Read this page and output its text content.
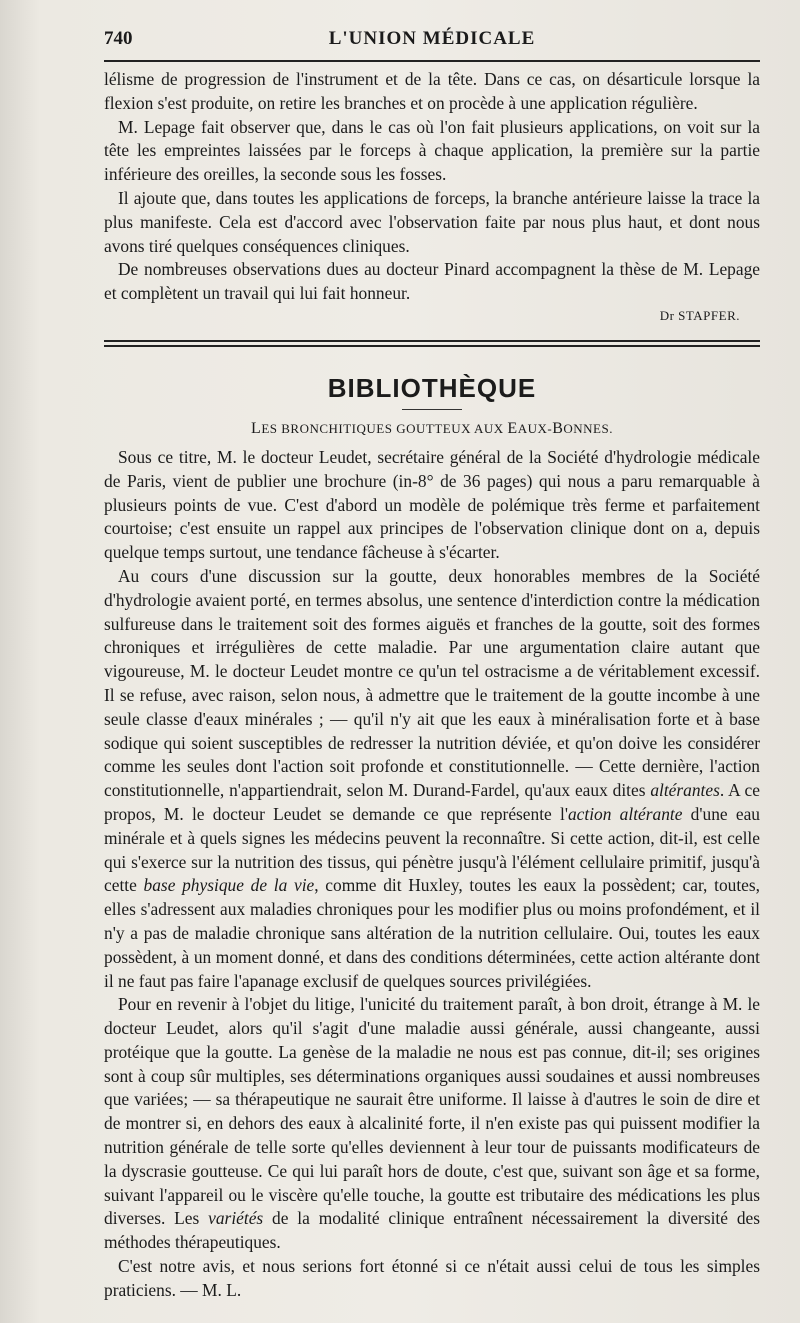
740	L'UNION MÉDICALE

lélisme de progression de l'instrument et de la tête. Dans ce cas, on désarticule lorsque la flexion s'est produite, on retire les branches et on procède à une application régulière.

M. Lepage fait observer que, dans le cas où l'on fait plusieurs applications, on voit sur la tête les empreintes laissées par le forceps à chaque application, la première sur la partie inférieure des oreilles, la seconde sous les fosses.

Il ajoute que, dans toutes les applications de forceps, la branche antérieure laisse la trace la plus manifeste. Cela est d'accord avec l'observation faite par nous plus haut, et dont nous avons tiré quelques conséquences cliniques.

De nombreuses observations dues au docteur Pinard accompagnent la thèse de M. Lepage et complètent un travail qui lui fait honneur.

Dr STAPFER.
BIBLIOTHÈQUE
LES BRONCHITIQUES GOUTTEUX AUX EAUX-BONNES.

Sous ce titre, M. le docteur Leudet, secrétaire général de la Société d'hydrologie médicale de Paris, vient de publier une brochure (in-8° de 36 pages) qui nous a paru remarquable à plusieurs points de vue. C'est d'abord un modèle de polémique très ferme et parfaitement courtoise; c'est ensuite un rappel aux principes de l'observation clinique dont on a, depuis quelque temps surtout, une tendance fâcheuse à s'écarter.

Au cours d'une discussion sur la goutte, deux honorables membres de la Société d'hydrologie avaient porté, en termes absolus, une sentence d'interdiction contre la médication sulfureuse dans le traitement soit des formes aiguës et franches de la goutte, soit des formes chroniques et irrégulières de cette maladie. Par une argumentation claire autant que vigoureuse, M. le docteur Leudet montre ce qu'un tel ostracisme a de véritablement excessif. Il se refuse, avec raison, selon nous, à admettre que le traitement de la goutte incombe à une seule classe d'eaux minérales ; — qu'il n'y ait que les eaux à minéralisation forte et à base sodique qui soient susceptibles de redresser la nutrition déviée, et qu'on doive les considérer comme les seules dont l'action soit profonde et constitutionnelle. — Cette dernière, l'action constitutionnelle, n'appartiendrait, selon M. Durand-Fardel, qu'aux eaux dites altérantes. A ce propos, M. le docteur Leudet se demande ce que représente l'action altérante d'une eau minérale et à quels signes les médecins peuvent la reconnaître. Si cette action, dit-il, est celle qui s'exerce sur la nutrition des tissus, qui pénètre jusqu'à l'élément cellulaire primitif, jusqu'à cette base physique de la vie, comme dit Huxley, toutes les eaux la possèdent; car, toutes, elles s'adressent aux maladies chroniques pour les modifier plus ou moins profondément, et il n'y a pas de maladie chronique sans altération de la nutrition cellulaire. Oui, toutes les eaux possèdent, à un moment donné, et dans des conditions déterminées, cette action altérante dont il ne faut pas faire l'apanage exclusif de quelques sources privilégiées.

Pour en revenir à l'objet du litige, l'unicité du traitement paraît, à bon droit, étrange à M. le docteur Leudet, alors qu'il s'agit d'une maladie aussi générale, aussi changeante, aussi protéique que la goutte. La genèse de la maladie ne nous est pas connue, dit-il; ses origines sont à coup sûr multiples, ses déterminations organiques aussi soudaines et aussi nombreuses que variées; — sa thérapeutique ne saurait être uniforme. Il laisse à d'autres le soin de dire et de montrer si, en dehors des eaux à alcalinité forte, il n'en existe pas qui puissent modifier la nutrition générale de telle sorte qu'elles deviennent à leur tour de puissants modificateurs de la dyscrasie goutteuse. Ce qui lui paraît hors de doute, c'est que, suivant son âge et sa forme, suivant l'appareil ou le viscère qu'elle touche, la goutte est tributaire des médications les plus diverses. Les variétés de la modalité clinique entraînent nécessairement la diversité des méthodes thérapeutiques.

C'est notre avis, et nous serions fort étonné si ce n'était aussi celui de tous les simples praticiens. — M. L.
